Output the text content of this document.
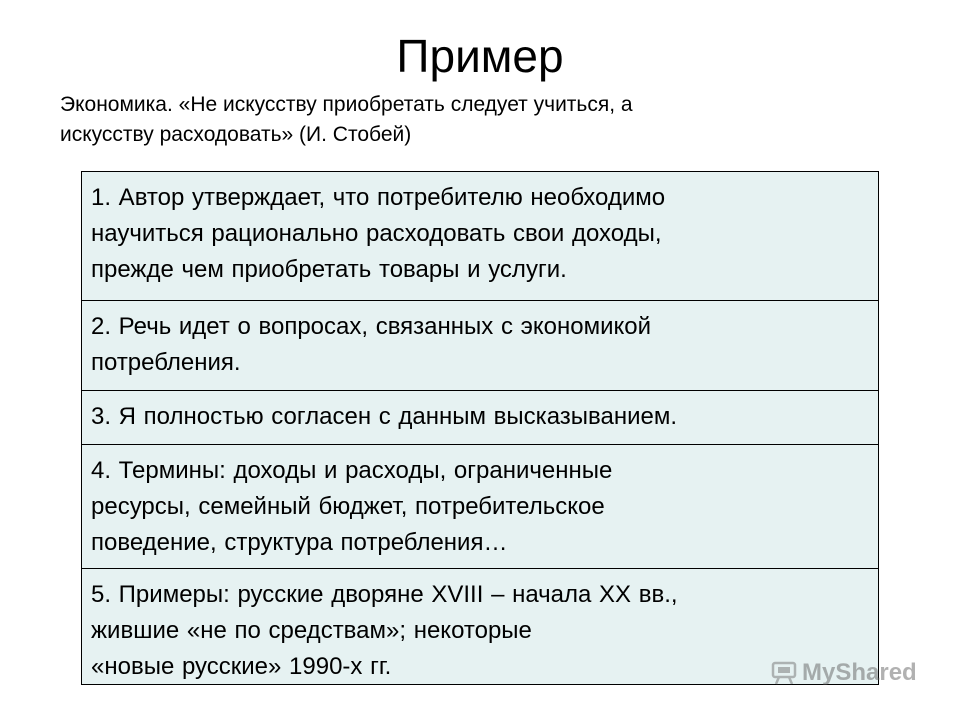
Пример
Экономика. «Не искусству приобретать следует учиться, а
искусству расходовать» (И. Стобей)
1. Автор утверждает, что потребителю необходимо
научиться рационально расходовать свои доходы,
прежде чем приобретать товары и услуги.
2. Речь идет о вопросах, связанных с экономикой
потребления.
3. Я полностью согласен с данным высказыванием.
4. Термины: доходы и расходы, ограниченные
ресурсы, семейный бюджет, потребительское
поведение, структура потребления…
5. Примеры: русские дворяне XVIII – начала XX вв.,
жившие «не по средствам»; некоторые
«новые русские» 1990-х гг.	MyShared
